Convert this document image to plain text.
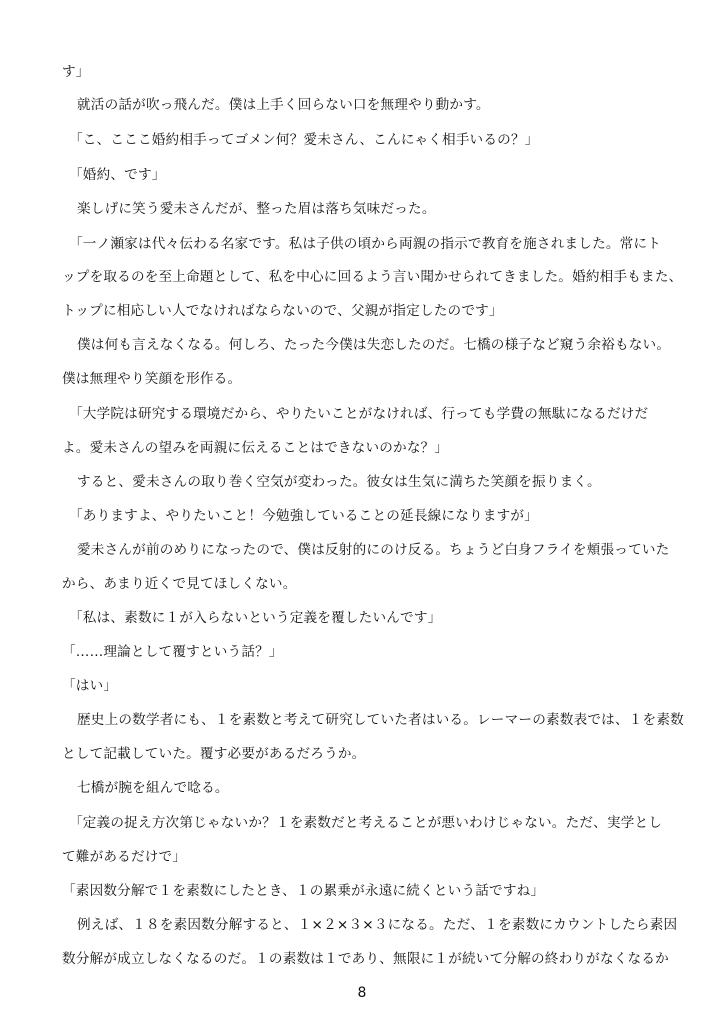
す」
就活の話が吹っ飛んだ。僕は上手く回らない口を無理やり動かす。
「こ、こここ婚約相手ってゴメン何？愛未さん、こんにゃく相手いるの？」
「婚約、です」
楽しげに笑う愛未さんだが、整った眉は落ち気味だった。
「一ノ瀬家は代々伝わる名家です。私は子供の頃から両親の指示で教育を施されました。常にト
ップを取るのを至上命題として、私を中心に回るよう言い聞かせられてきました。婚約相手もまた、
トップに相応しい人でなければならないので、父親が指定したのです」
僕は何も言えなくなる。何しろ、たった今僕は失恋したのだ。七橋の様子など窺う余裕もない。
僕は無理やり笑顔を形作る。
「大学院は研究する環境だから、やりたいことがなければ、行っても学費の無駄になるだけだ
よ。愛未さんの望みを両親に伝えることはできないのかな？」
すると、愛未さんの取り巻く空気が変わった。彼女は生気に満ちた笑顔を振りまく。
「ありますよ、やりたいこと！今勉強していることの延長線になりますが」
愛未さんが前のめりになったので、僕は反射的にのけ反る。ちょうど白身フライを頬張っていた
から、あまり近くで見てほしくない。
「私は、素数に１が入らないという定義を覆したいんです」
「……理論として覆すという話？」
「はい」
歴史上の数学者にも、１を素数と考えて研究していた者はいる。レーマーの素数表では、１を素数
として記載していた。覆す必要があるだろうか。
七橋が腕を組んで唸る。
「定義の捉え方次第じゃないか？１を素数だと考えることが悪いわけじゃない。ただ、実学とし
て難があるだけで」
「素因数分解で１を素数にしたとき、１の累乗が永遠に続くという話ですね」
例えば、１８を素因数分解すると、１×２×３×３になる。ただ、１を素数にカウントしたら素因
数分解が成立しなくなるのだ。１の素数は１であり、無限に１が続いて分解の終わりがなくなるか
8
